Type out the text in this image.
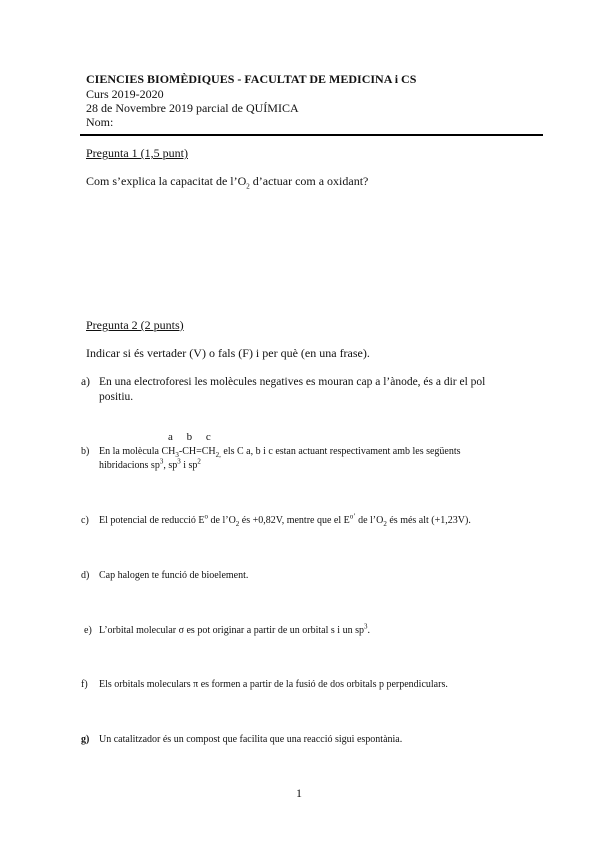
CIENCIES BIOMÈDIQUES - FACULTAT DE MEDICINA i CS
Curs 2019-2020
28 de Novembre 2019 parcial de QUÍMICA
Nom:
Pregunta 1 (1,5 punt)
Com s’explica la capacitat de $l’O_2$ d’actuar com a oxidant?
Pregunta 2 (2 punts)
Indicar si és vertader (V) o fals (F) i per què (en una frase).
a) En una electroforesi les molècules negatives es mouran cap a l’ànode, és a dir el pol
positiu.
a b c
b) En la molècula $CH_3-CH=CH_{2,}$ els C a, b i c estan actuant respectivament amb les següents
hibridacions $sp^3$, $sp^3$ i $sp^2$
c) El potencial de reducció $E^o$ de $l’O_2$ és +0,82V, mentre que el $E^{o’}$ de $l’O_2$ és més alt (+1,23V).
d) Cap halogen te funció de bioelement.
e) L’orbital molecular σ es pot originar a partir de un orbital s i un $sp^3$.
f) Els orbitals moleculars π es formen a partir de la fusió de dos orbitals p perpendiculars.
g) Un catalitzador és un compost que facilita que una reacció sigui espontània.
1
